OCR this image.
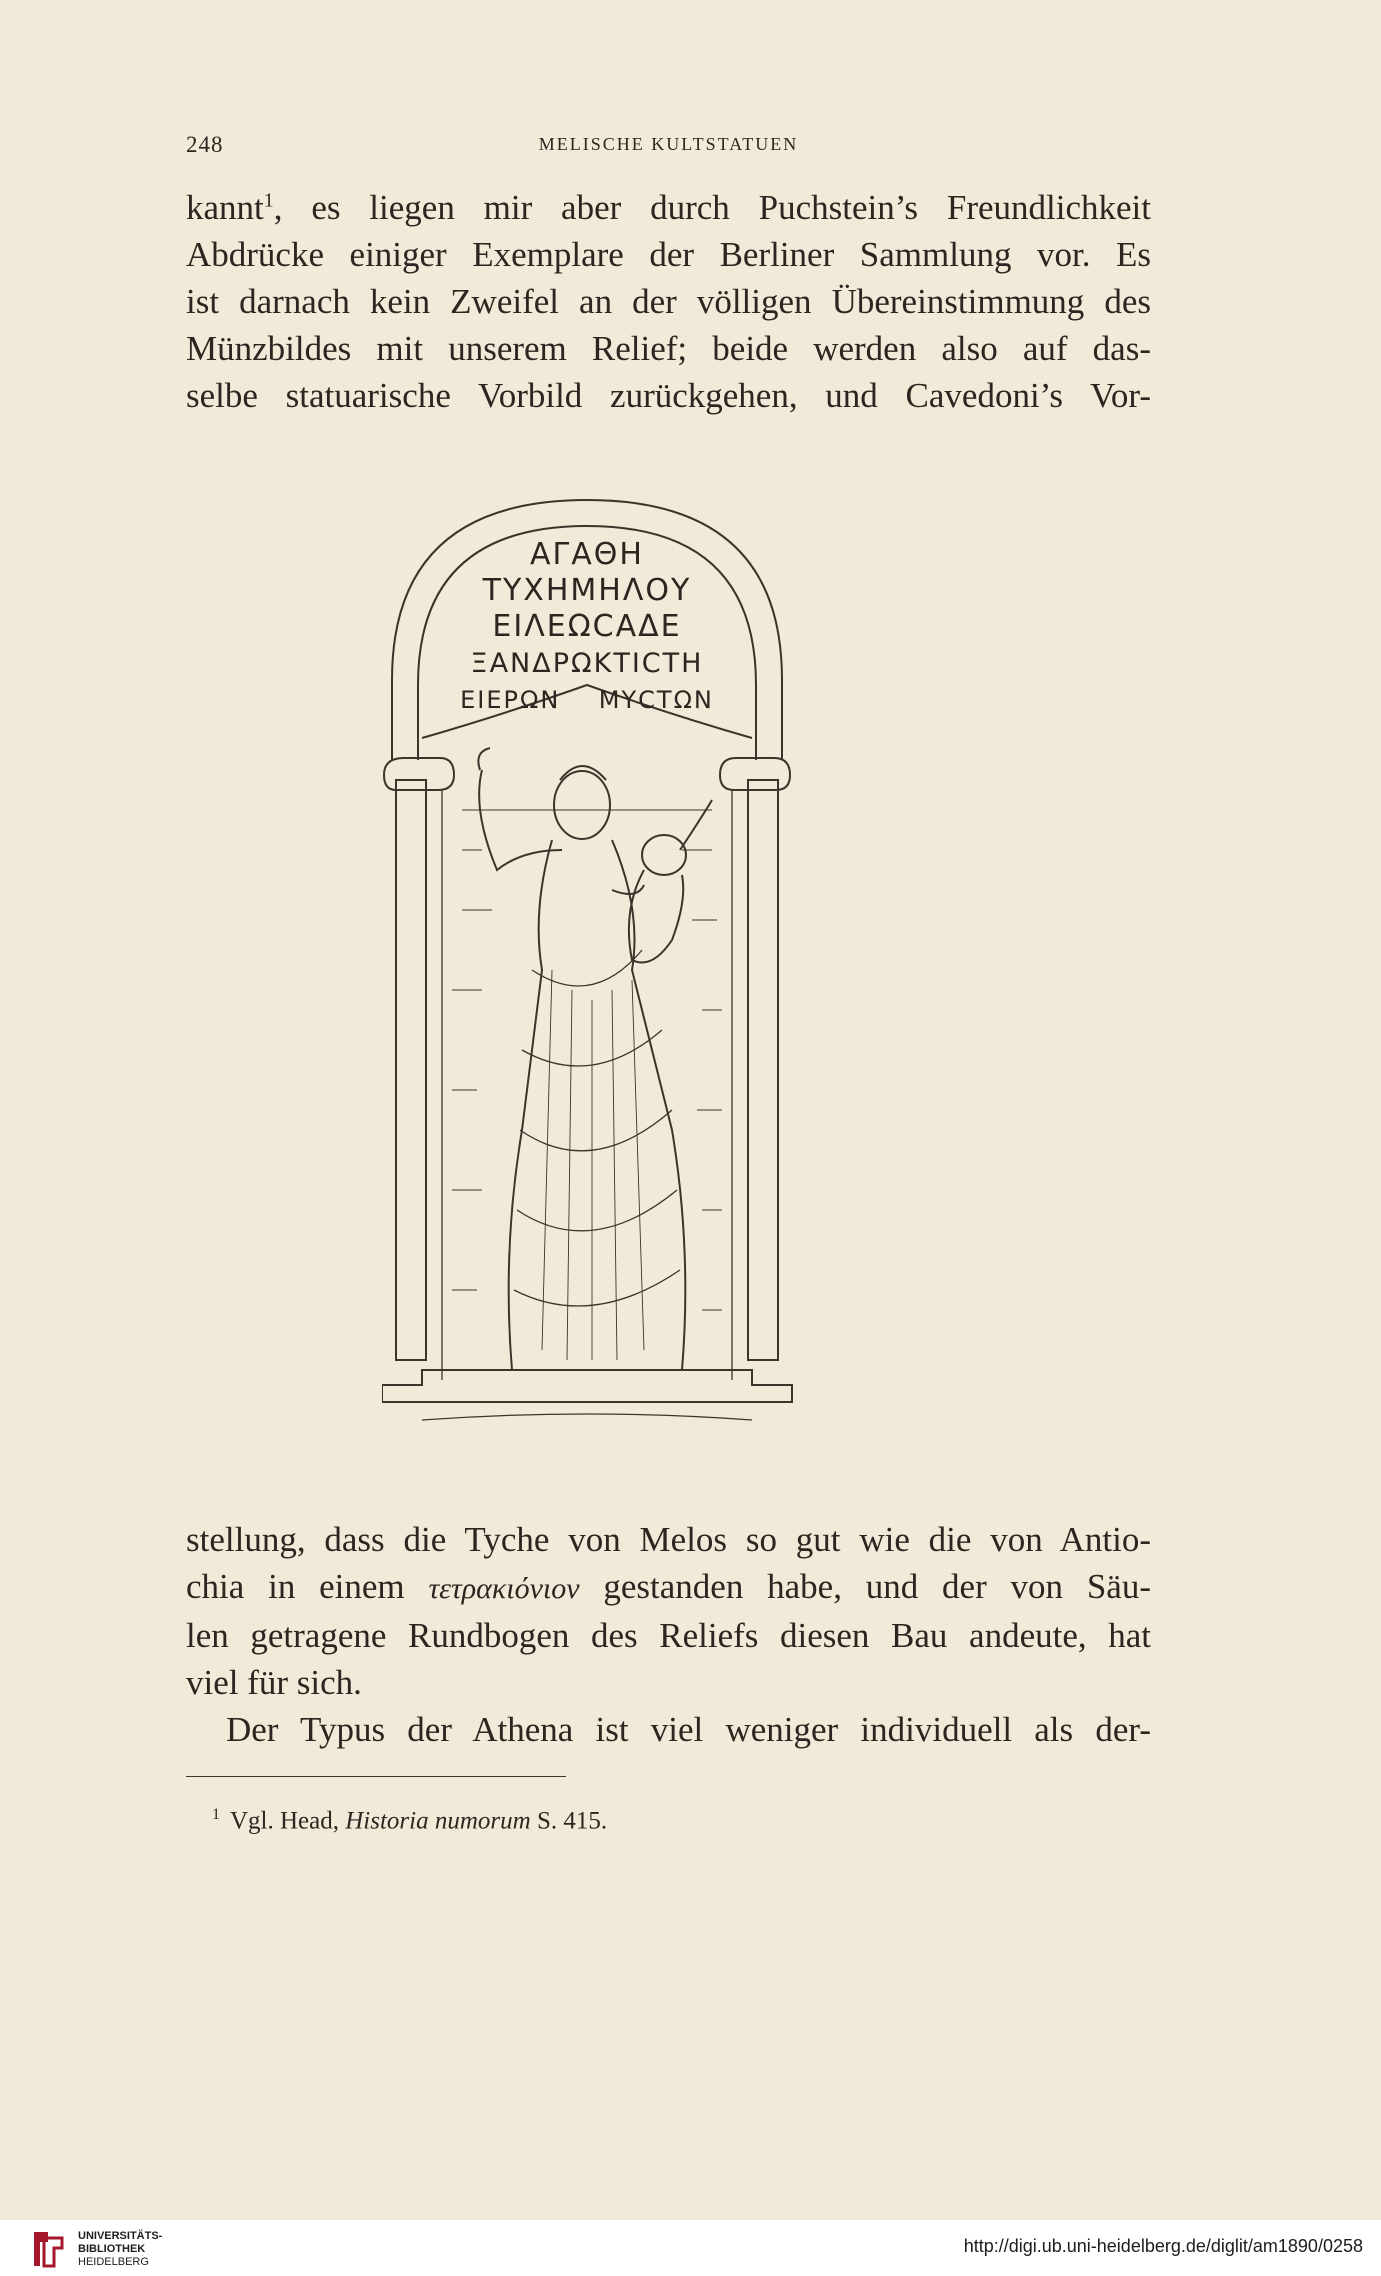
248	MELISCHE KULTSTATUEN
kannt$^1$, es liegen mir aber durch Puchstein’s Freundlichkeit
Abdrücke einiger Exemplare der Berliner Sammlung vor. Es
ist darnach kein Zweifel an der völligen Übereinstimmung des
Münzbildes mit unserem Relief; beide werden also auf das-
selbe statuarische Vorbild zurückgehen, und Cavedoni’s Vor-
ΑΓΑΘΗ
ΤΥΧΗΜΗΛΟΥ
ΕΙΛΕΩCΑΔΕ
ΞΑΝΔΡΩΚΤΙCΤΗ
ΕΙΕΡΩΝ    ΜΥCΤΩΝ
stellung, dass die Tyche von Melos so gut wie die von Antio-
chia in einem τετρακιόνιον gestanden habe, und der von Säu-
len getragene Rundbogen des Reliefs diesen Bau andeute, hat
viel für sich.
Der Typus der Athena ist viel weniger individuell als der-
$^1$ Vgl. Head, Historia numorum S. 415.
UNIVERSITÄTS-
BIBLIOTHEK
HEIDELBERG
http://digi.ub.uni-heidelberg.de/diglit/am1890/0258
